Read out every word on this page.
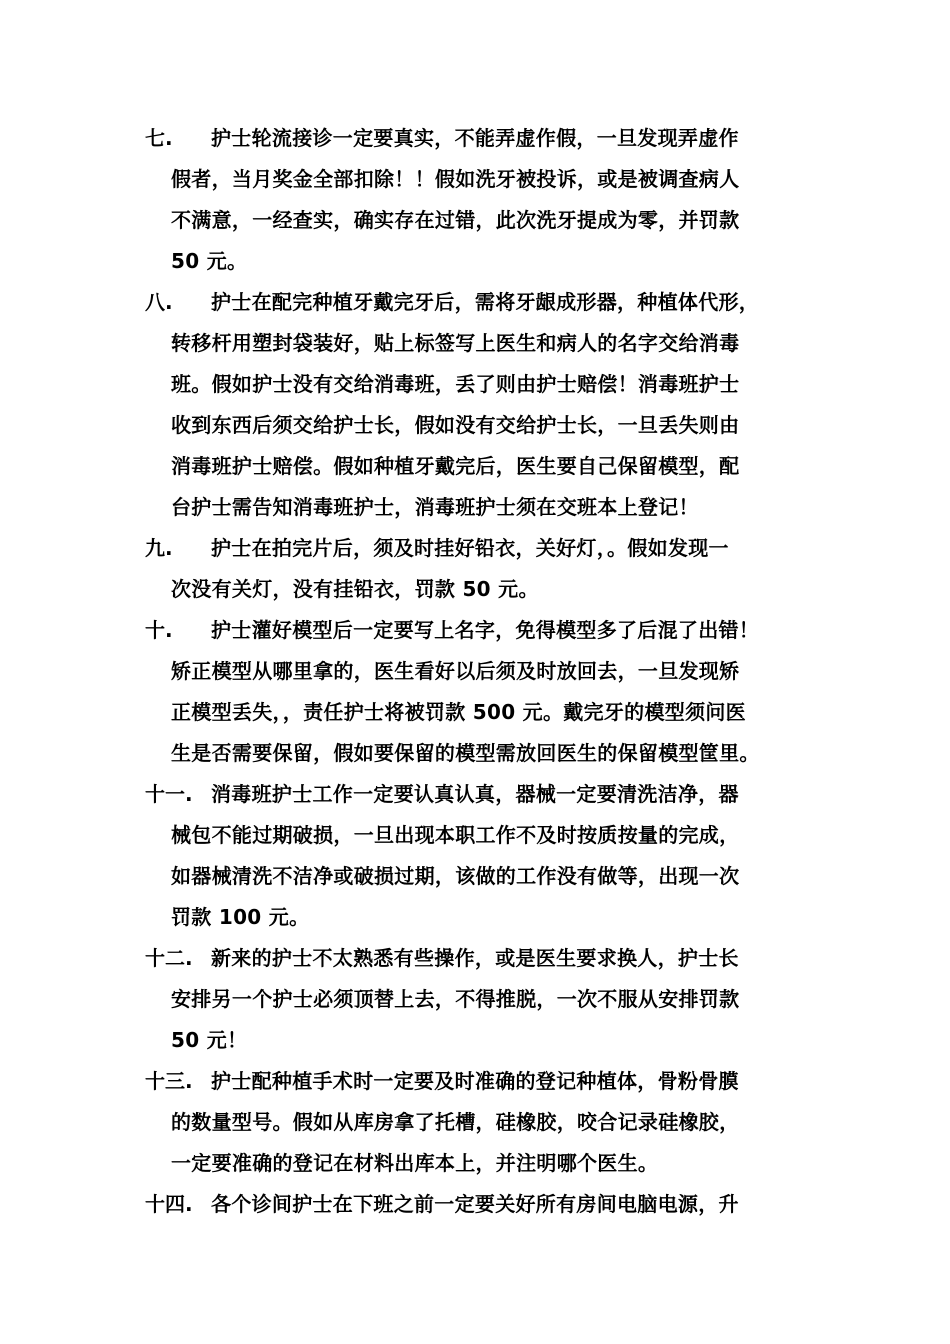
七. 护士轮流接诊一定要真实，不能弄虚作假，一旦发现弄虚作
假者，当月奖金全部扣除！！假如洗牙被投诉，或是被调查病人
不满意，一经查实，确实存在过错，此次洗牙提成为零，并罚款
50 元。
八. 护士在配完种植牙戴完牙后，需将牙龈成形器，种植体代形，
转移杆用塑封袋装好，贴上标签写上医生和病人的名字交给消毒
班。假如护士没有交给消毒班，丢了则由护士赔偿！消毒班护士
收到东西后须交给护士长，假如没有交给护士长，一旦丢失则由
消毒班护士赔偿。假如种植牙戴完后，医生要自己保留模型，配
台护士需告知消毒班护士，消毒班护士须在交班本上登记！
九. 护士在拍完片后，须及时挂好铅衣，关好灯，。假如发现一
次没有关灯，没有挂铅衣，罚款 50 元。
十. 护士灌好模型后一定要写上名字，免得模型多了后混了出错！
矫正模型从哪里拿的，医生看好以后须及时放回去，一旦发现矫
正模型丢失，，责任护士将被罚款 500 元。戴完牙的模型须问医
生是否需要保留，假如要保留的模型需放回医生的保留模型筐里。
十一. 消毒班护士工作一定要认真认真，器械一定要清洗洁净，器
械包不能过期破损，一旦出现本职工作不及时按质按量的完成，
如器械清洗不洁净或破损过期，该做的工作没有做等，出现一次
罚款 100 元。
十二. 新来的护士不太熟悉有些操作，或是医生要求换人，护士长
安排另一个护士必须顶替上去，不得推脱，一次不服从安排罚款
50 元！
十三. 护士配种植手术时一定要及时准确的登记种植体，骨粉骨膜
的数量型号。假如从库房拿了托槽，硅橡胶，咬合记录硅橡胶，
一定要准确的登记在材料出库本上，并注明哪个医生。
十四. 各个诊间护士在下班之前一定要关好所有房间电脑电源，升
